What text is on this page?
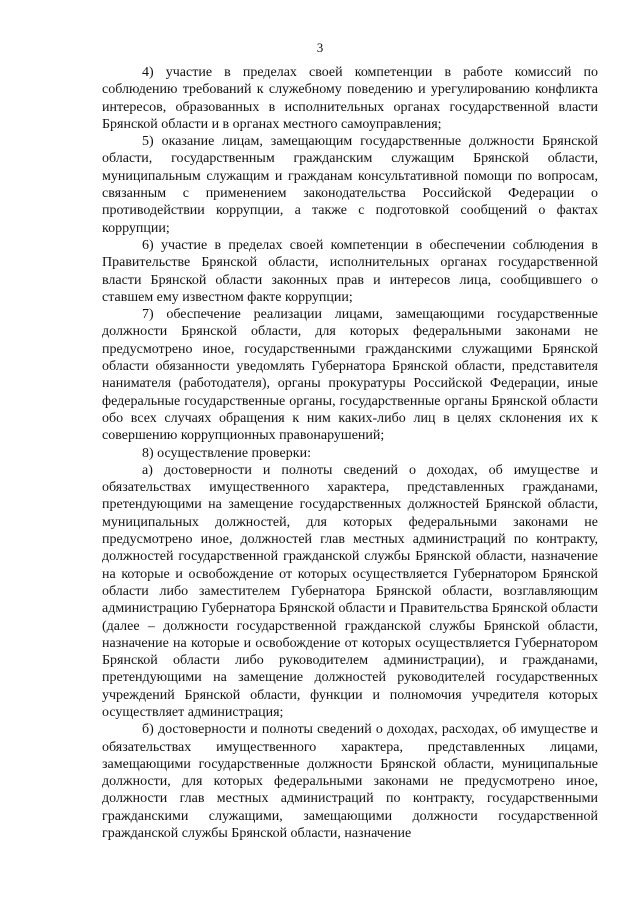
3

4) участие в пределах своей компетенции в работе комиссий по соблюдению требований к служебному поведению и урегулированию конфликта интересов, образованных в исполнительных органах государственной власти Брянской области и в органах местного самоуправления;

5) оказание лицам, замещающим государственные должности Брянской области, государственным гражданским служащим Брянской области, муниципальным служащим и гражданам консультативной помощи по вопросам, связанным с применением законодательства Российской Федерации о противодействии коррупции, а также с подготовкой сообщений о фактах коррупции;

6) участие в пределах своей компетенции в обеспечении соблюдения в Правительстве Брянской области, исполнительных органах государственной власти Брянской области законных прав и интересов лица, сообщившего о ставшем ему известном факте коррупции;

7) обеспечение реализации лицами, замещающими государственные должности Брянской области, для которых федеральными законами не предусмотрено иное, государственными гражданскими служащими Брянской области обязанности уведомлять Губернатора Брянской области, представителя нанимателя (работодателя), органы прокуратуры Российской Федерации, иные федеральные государственные органы, государственные органы Брянской области обо всех случаях обращения к ним каких-либо лиц в целях склонения их к совершению коррупционных правонарушений;

8) осуществление проверки:

а) достоверности и полноты сведений о доходах, об имуществе и обязательствах имущественного характера, представленных гражданами, претендующими на замещение государственных должностей Брянской области, муниципальных должностей, для которых федеральными законами не предусмотрено иное, должностей глав местных администраций по контракту, должностей государственной гражданской службы Брянской области, назначение на которые и освобождение от которых осуществляется Губернатором Брянской области либо заместителем Губернатора Брянской области, возглавляющим администрацию Губернатора Брянской области и Правительства Брянской области (далее – должности государственной гражданской службы Брянской области, назначение на которые и освобождение от которых осуществляется Губернатором Брянской области либо руководителем администрации), и гражданами, претендующими на замещение должностей руководителей государственных учреждений Брянской области, функции и полномочия учредителя которых осуществляет администрация;

б) достоверности и полноты сведений о доходах, расходах, об имуществе и обязательствах имущественного характера, представленных лицами, замещающими государственные должности Брянской области, муниципальные должности, для которых федеральными законами не предусмотрено иное, должности глав местных администраций по контракту, государственными гражданскими служащими, замещающими должности государственной гражданской службы Брянской области, назначение
